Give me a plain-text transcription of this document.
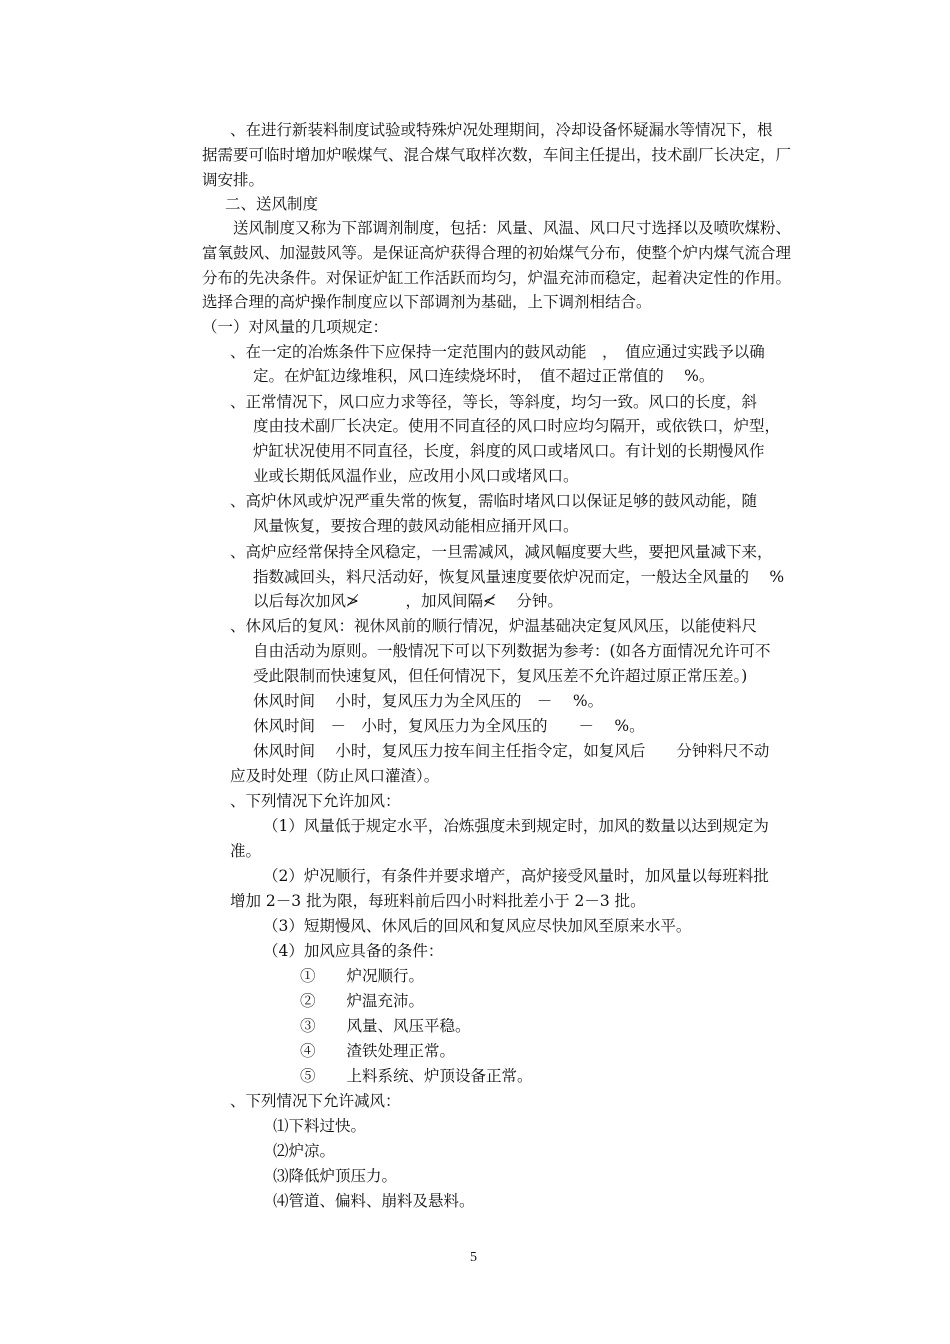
、在进行新装料制度试验或特殊炉况处理期间，冷却设备怀疑漏水等情况下，根
据需要可临时增加炉喉煤气、混合煤气取样次数，车间主任提出，技术副厂长决定，厂
调安排。
二、送风制度
送风制度又称为下部调剂制度，包括：风量、风温、风口尺寸选择以及喷吹煤粉、
富氧鼓风、加湿鼓风等。是保证高炉获得合理的初始煤气分布，使整个炉内煤气流合理
分布的先决条件。对保证炉缸工作活跃而均匀，炉温充沛而稳定，起着决定性的作用。
选择合理的高炉操作制度应以下部调剂为基础，上下调剂相结合。
（一）对风量的几项规定：
、在一定的冶炼条件下应保持一定范围内的鼓风动能　，　值应通过实践予以确
定。在炉缸边缘堆积，风口连续烧坏时，　值不超过正常值的　 %。
、正常情况下，风口应力求等径，等长，等斜度，均匀一致。风口的长度，斜
度由技术副厂长决定。使用不同直径的风口时应均匀隔开，或依铁口，炉型，
炉缸状况使用不同直径，长度，斜度的风口或堵风口。有计划的长期慢风作
业或长期低风温作业，应改用小风口或堵风口。
、高炉休风或炉况严重失常的恢复，需临时堵风口以保证足够的鼓风动能，随
风量恢复，要按合理的鼓风动能相应捅开风口。
、高炉应经常保持全风稳定，一旦需减风，减风幅度要大些，要把风量减下来，
指数减回头，料尺活动好，恢复风量速度要依炉况而定，一般达全风量的　 %
以后每次加风≯　　　，加风间隔≮　 分钟。
、休风后的复风：视休风前的顺行情况，炉温基础决定复风风压，以能使料尺
自由活动为原则。一般情况下可以下列数据为参考：(如各方面情况允许可不
受此限制而快速复风，但任何情况下，复风压差不允许超过原正常压差。)
休风时间　 小时，复风压力为全风压的　－　 %。
休风时间　－　小时，复风压力为全风压的　　－　 %。
休风时间　 小时，复风压力按车间主任指令定，如复风后　　分钟料尺不动
应及时处理（防止风口灌渣）。
、下列情况下允许加风：
（1）风量低于规定水平，冶炼强度未到规定时，加风的数量以达到规定为
准。
（2）炉况顺行，有条件并要求增产，高炉接受风量时，加风量以每班料批
增加 2－3 批为限，每班料前后四小时料批差小于 2－3 批。
（3）短期慢风、休风后的回风和复风应尽快加风至原来水平。
（4）加风应具备的条件：
①　　炉况顺行。
②　　炉温充沛。
③　　风量、风压平稳。
④　　渣铁处理正常。
⑤　　上料系统、炉顶设备正常。
、下列情况下允许减风：
⑴下料过快。
⑵炉凉。
⑶降低炉顶压力。
⑷管道、偏料、崩料及悬料。
5
